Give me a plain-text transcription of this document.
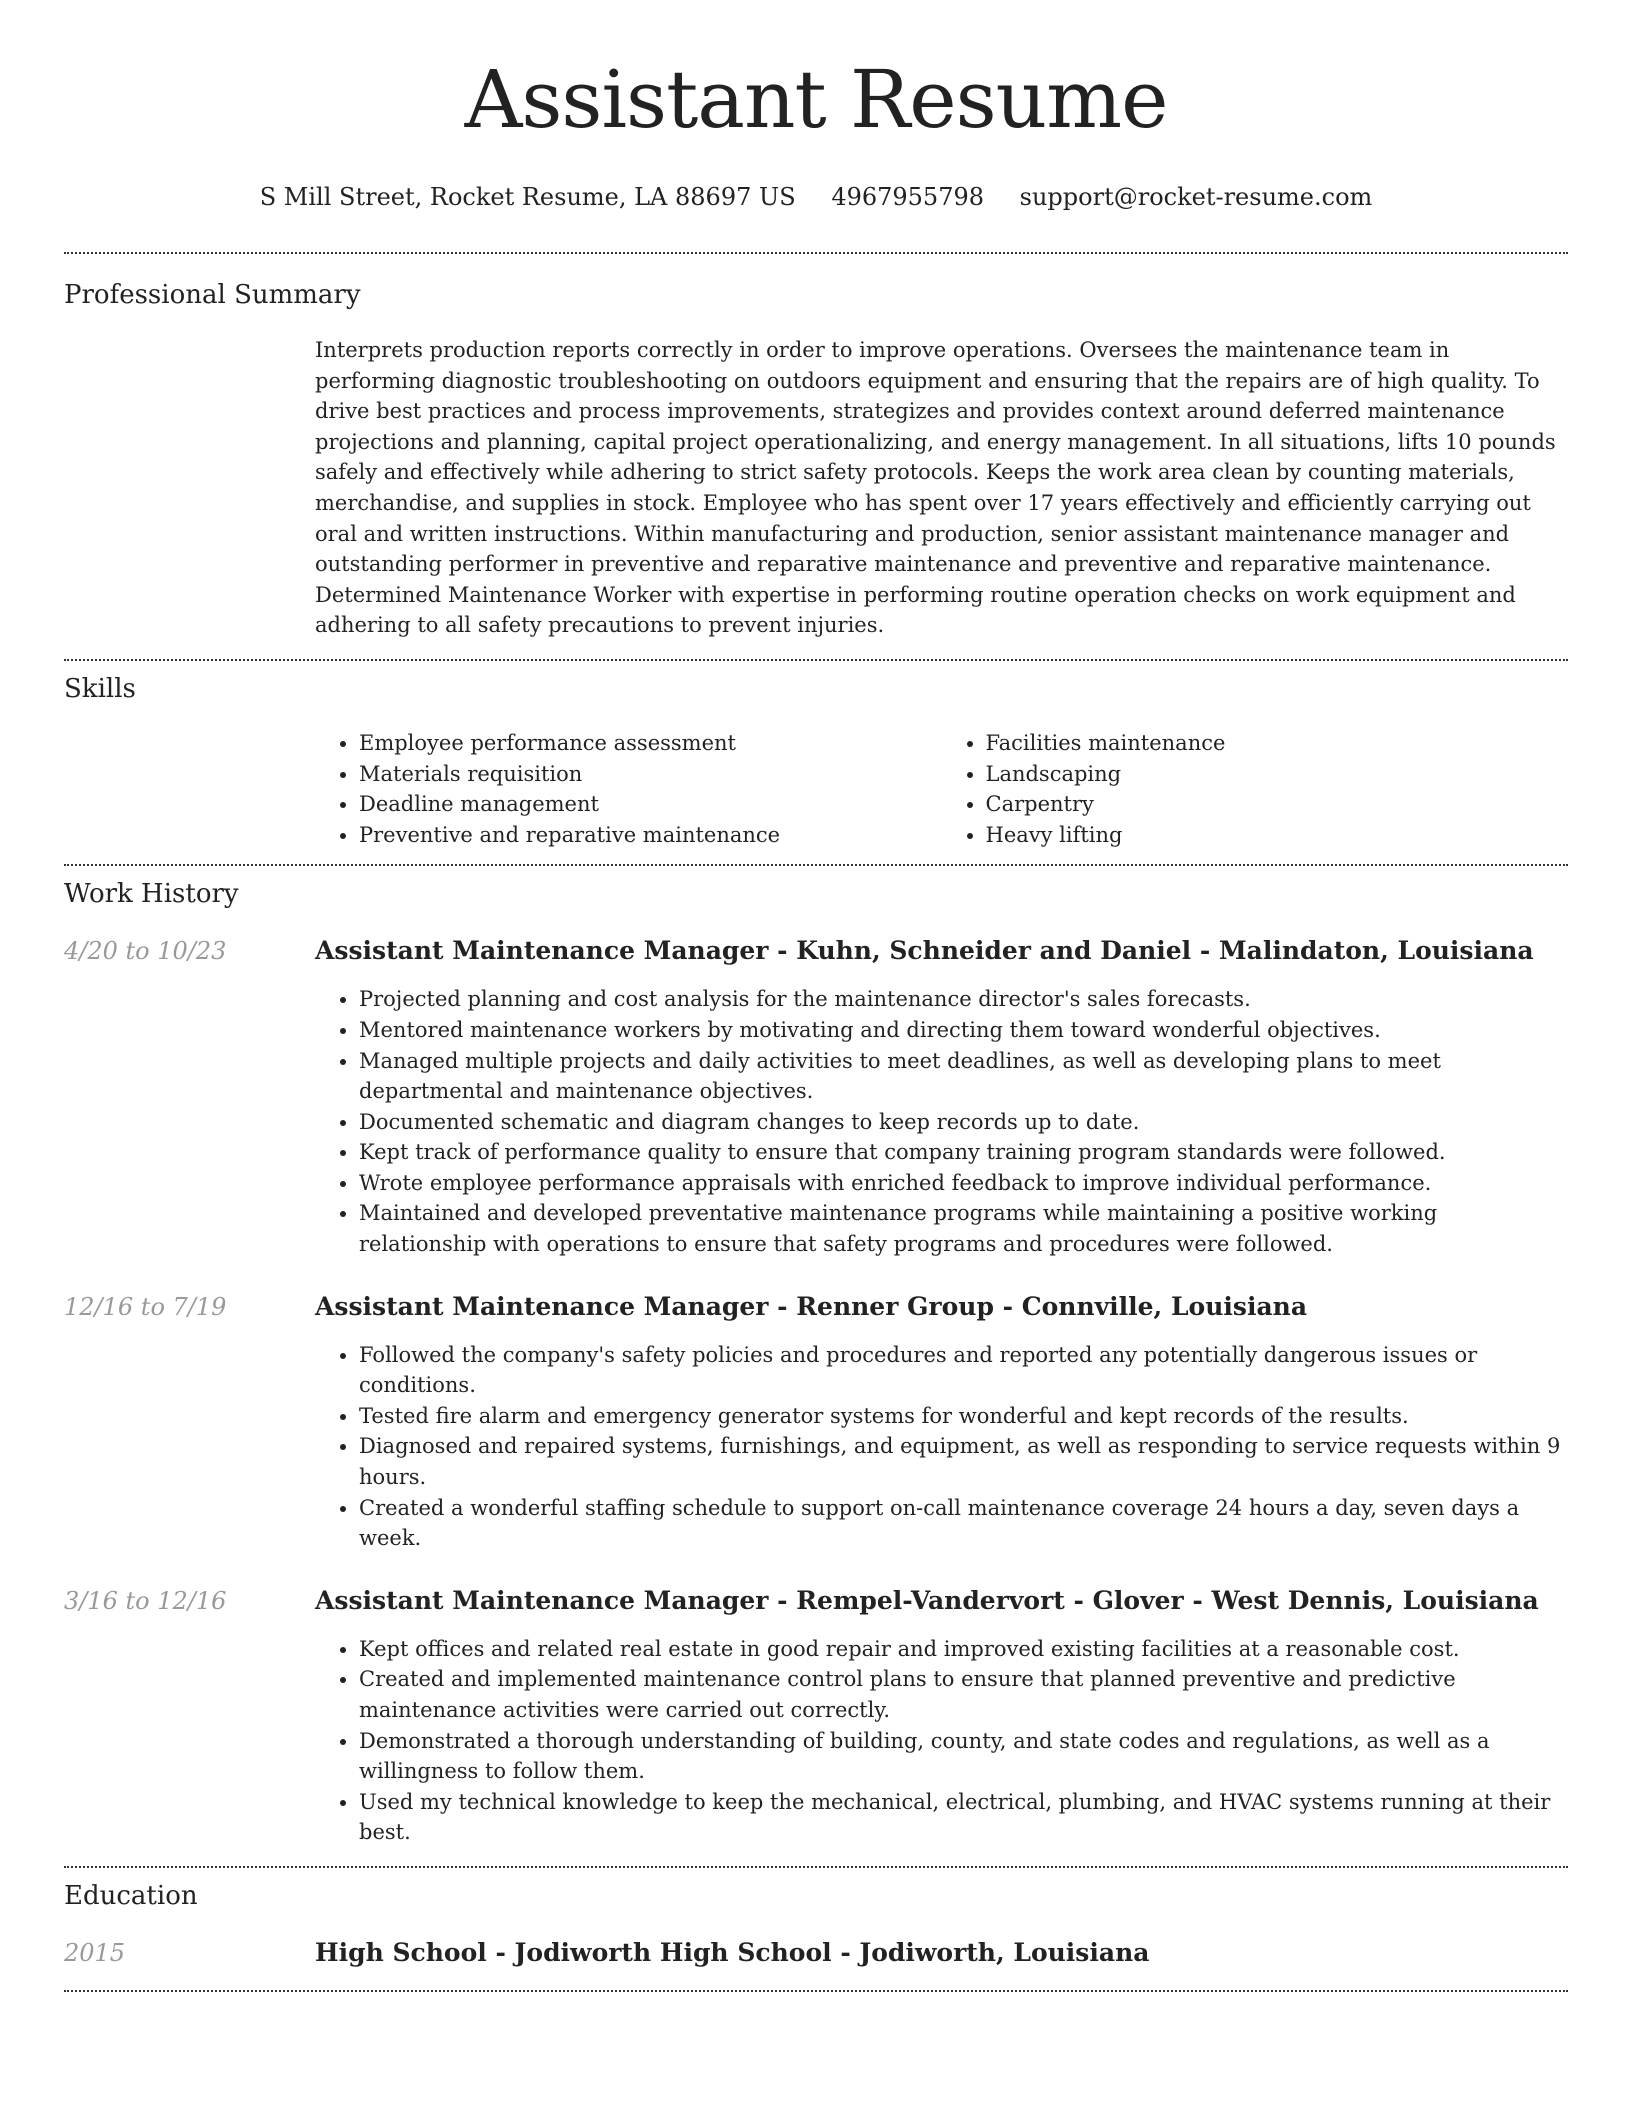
Assistant Resume
S Mill Street, Rocket Resume, LA 88697 US 4967955798 support@rocket-resume.com
Professional Summary

Interprets production reports correctly in order to improve operations. Oversees the maintenance team in performing diagnostic troubleshooting on outdoors equipment and ensuring that the repairs are of high quality. To drive best practices and process improvements, strategizes and provides context around deferred maintenance projections and planning, capital project operationalizing, and energy management. In all situations, lifts 10 pounds safely and effectively while adhering to strict safety protocols. Keeps the work area clean by counting materials, merchandise, and supplies in stock. Employee who has spent over 17 years effectively and efficiently carrying out oral and written instructions. Within manufacturing and production, senior assistant maintenance manager and outstanding performer in preventive and reparative maintenance and preventive and reparative maintenance. Determined Maintenance Worker with expertise in performing routine operation checks on work equipment and adhering to all safety precautions to prevent injuries.

Skills
• Employee performance assessment
• Materials requisition
• Deadline management
• Preventive and reparative maintenance
• Facilities maintenance
• Landscaping
• Carpentry
• Heavy lifting
Work History
4/20 to 10/23	Assistant Maintenance Manager - Kuhn, Schneider and Daniel - Malindaton, Louisiana
• Projected planning and cost analysis for the maintenance director's sales forecasts.
• Mentored maintenance workers by motivating and directing them toward wonderful objectives.
• Managed multiple projects and daily activities to meet deadlines, as well as developing plans to meet departmental and maintenance objectives.
• Documented schematic and diagram changes to keep records up to date.
• Kept track of performance quality to ensure that company training program standards were followed.
• Wrote employee performance appraisals with enriched feedback to improve individual performance.
• Maintained and developed preventative maintenance programs while maintaining a positive working relationship with operations to ensure that safety programs and procedures were followed.
12/16 to 7/19	Assistant Maintenance Manager - Renner Group - Connville, Louisiana
• Followed the company's safety policies and procedures and reported any potentially dangerous issues or conditions.
• Tested fire alarm and emergency generator systems for wonderful and kept records of the results.
• Diagnosed and repaired systems, furnishings, and equipment, as well as responding to service requests within 9 hours.
• Created a wonderful staffing schedule to support on-call maintenance coverage 24 hours a day, seven days a week.
3/16 to 12/16	Assistant Maintenance Manager - Rempel-Vandervort - Glover - West Dennis, Louisiana
• Kept offices and related real estate in good repair and improved existing facilities at a reasonable cost.
• Created and implemented maintenance control plans to ensure that planned preventive and predictive maintenance activities were carried out correctly.
• Demonstrated a thorough understanding of building, county, and state codes and regulations, as well as a willingness to follow them.
• Used my technical knowledge to keep the mechanical, electrical, plumbing, and HVAC systems running at their best.
Education
2015	High School - Jodiworth High School - Jodiworth, Louisiana
